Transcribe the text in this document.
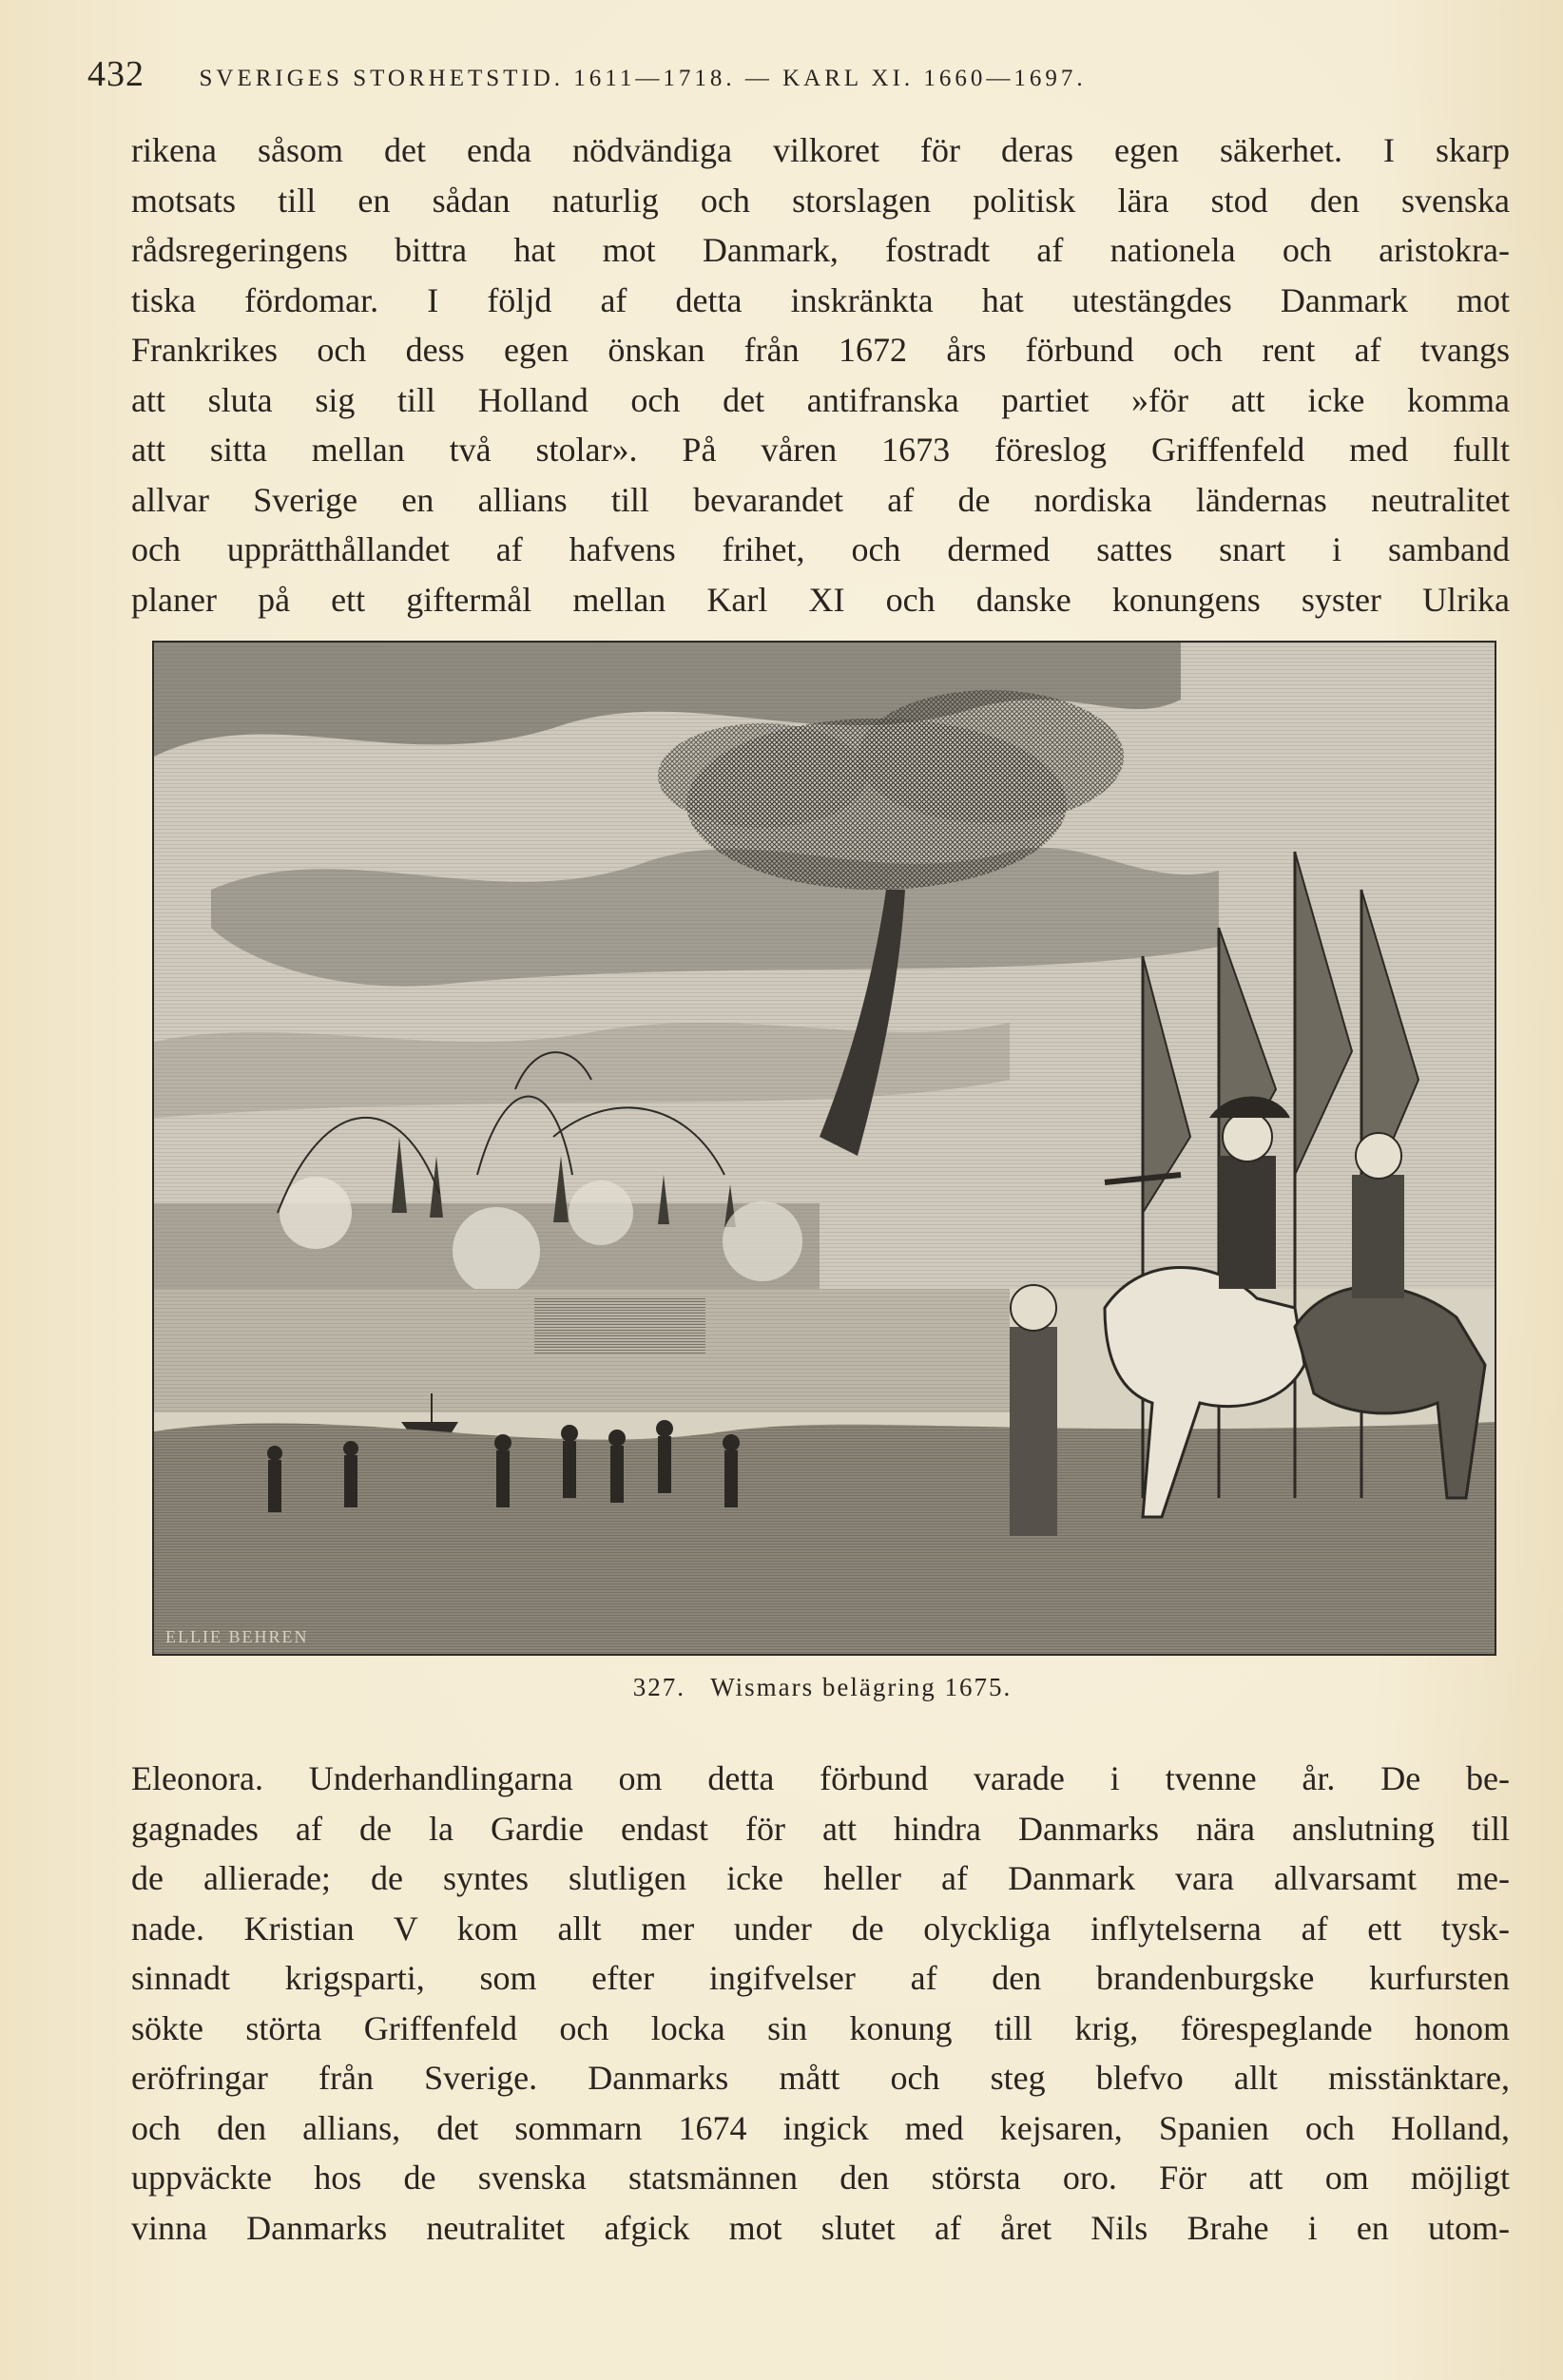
432 SVERIGES STORHETSTID. 1611—1718. — KARL XI. 1660—1697.
rikena såsom det enda nödvändiga vilkoret för deras egen säkerhet. I skarp
motsats till en sådan naturlig och storslagen politisk lära stod den svenska
rådsregeringens bittra hat mot Danmark, fostradt af nationela och aristokra-
tiska fördomar. I följd af detta inskränkta hat utestängdes Danmark mot
Frankrikes och dess egen önskan från 1672 års förbund och rent af tvangs
att sluta sig till Holland och det antifranska partiet »för att icke komma
att sitta mellan två stolar». På våren 1673 föreslog Griffenfeld med fullt
allvar Sverige en allians till bevarandet af de nordiska ländernas neutralitet
och upprätthållandet af hafvens frihet, och dermed sattes snart i samband
planer på ett giftermål mellan Karl XI och danske konungens syster Ulrika
ELLIE BEHREN
327. Wismars belägring 1675.
Eleonora. Underhandlingarna om detta förbund varade i tvenne år. De be-
gagnades af de la Gardie endast för att hindra Danmarks nära anslutning till
de allierade; de syntes slutligen icke heller af Danmark vara allvarsamt me-
nade. Kristian V kom allt mer under de olyckliga inflytelserna af ett tysk-
sinnadt krigsparti, som efter ingifvelser af den brandenburgske kurfursten
sökte störta Griffenfeld och locka sin konung till krig, förespeglande honom
eröfringar från Sverige. Danmarks mått och steg blefvo allt misstänktare,
och den allians, det sommarn 1674 ingick med kejsaren, Spanien och Holland,
uppväckte hos de svenska statsmännen den största oro. För att om möjligt
vinna Danmarks neutralitet afgick mot slutet af året Nils Brahe i en utom-
